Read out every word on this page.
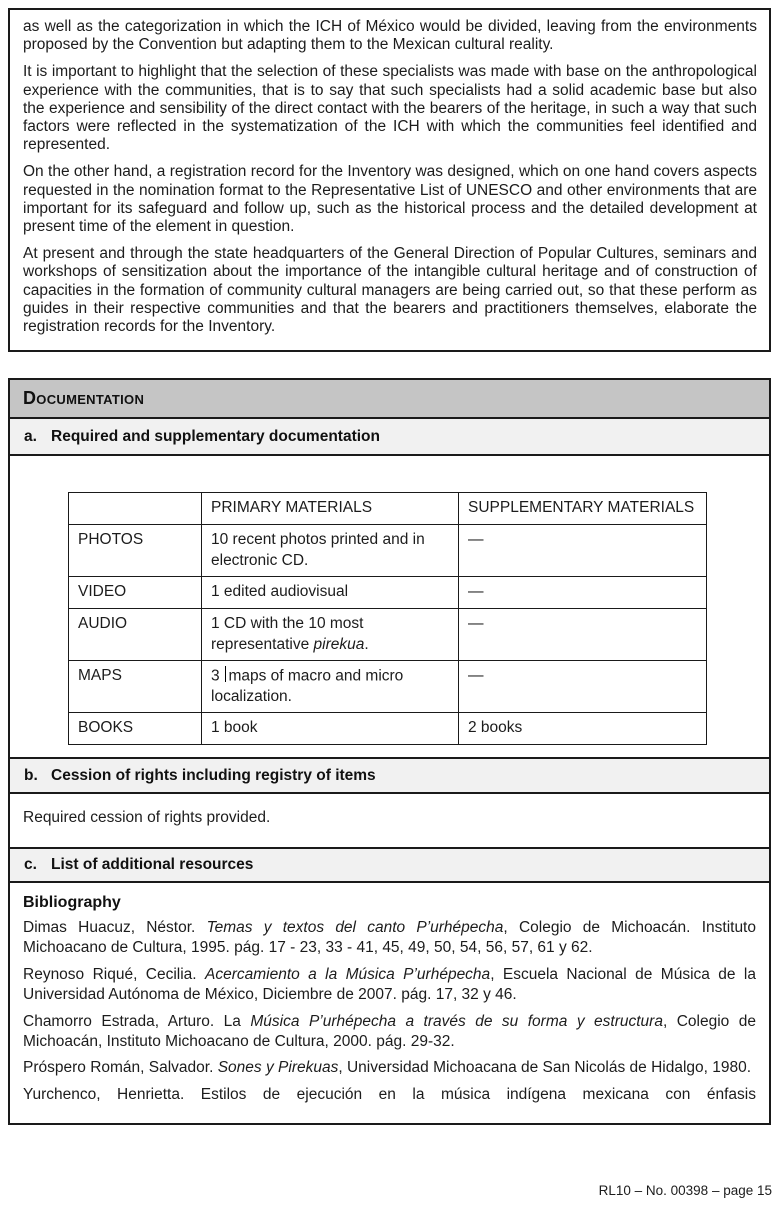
as well as the categorization in which the ICH of México would be divided, leaving from the environments proposed by the Convention but adapting them to the Mexican cultural reality.

It is important to highlight that the selection of these specialists was made with base on the anthropological experience with the communities, that is to say that such specialists had a solid academic base but also the experience and sensibility of the direct contact with the bearers of the heritage, in such a way that such factors were reflected in the systematization of the ICH with which the communities feel identified and represented.

On the other hand, a registration record for the Inventory was designed, which on one hand covers aspects requested in the nomination format to the Representative List of UNESCO and other environments that are important for its safeguard and follow up, such as the historical process and the detailed development at present time of the element in question.

At present and through the state headquarters of the General Direction of Popular Cultures, seminars and workshops of sensitization about the importance of the intangible cultural heritage and of construction of capacities in the formation of community cultural managers are being carried out, so that these perform as guides in their respective communities and that the bearers and practitioners themselves, elaborate the registration records for the Inventory.

Documentation
a. Required and supplementary documentation
	PRIMARY MATERIALS	SUPPLEMENTARY MATERIALS
PHOTOS	10 recent photos printed and in electronic CD.	—
VIDEO	1 edited audiovisual	—
AUDIO	1 CD with the 10 most representative pirekua.	—
MAPS	3 maps of macro and micro localization.	—
BOOKS	1 book	2 books
b. Cession of rights including registry of items
Required cession of rights provided.
c. List of additional resources
Bibliography

Dimas Huacuz, Néstor. Temas y textos del canto P’urhépecha, Colegio de Michoacán. Instituto Michoacano de Cultura, 1995. pág. 17 - 23, 33 - 41, 45, 49, 50, 54, 56, 57, 61 y 62.

Reynoso Riqué, Cecilia. Acercamiento a la Música P’urhépecha, Escuela Nacional de Música de la Universidad Autónoma de México, Diciembre de 2007. pág. 17, 32 y 46.

Chamorro Estrada, Arturo. La Música P’urhépecha a través de su forma y estructura, Colegio de Michoacán, Instituto Michoacano de Cultura, 2000. pág. 29-32.

Próspero Román, Salvador. Sones y Pirekuas, Universidad Michoacana de San Nicolás de Hidalgo, 1980.

Yurchenco, Henrietta. Estilos de ejecución en la música indígena mexicana con énfasis

RL10 – No. 00398 – page 15
